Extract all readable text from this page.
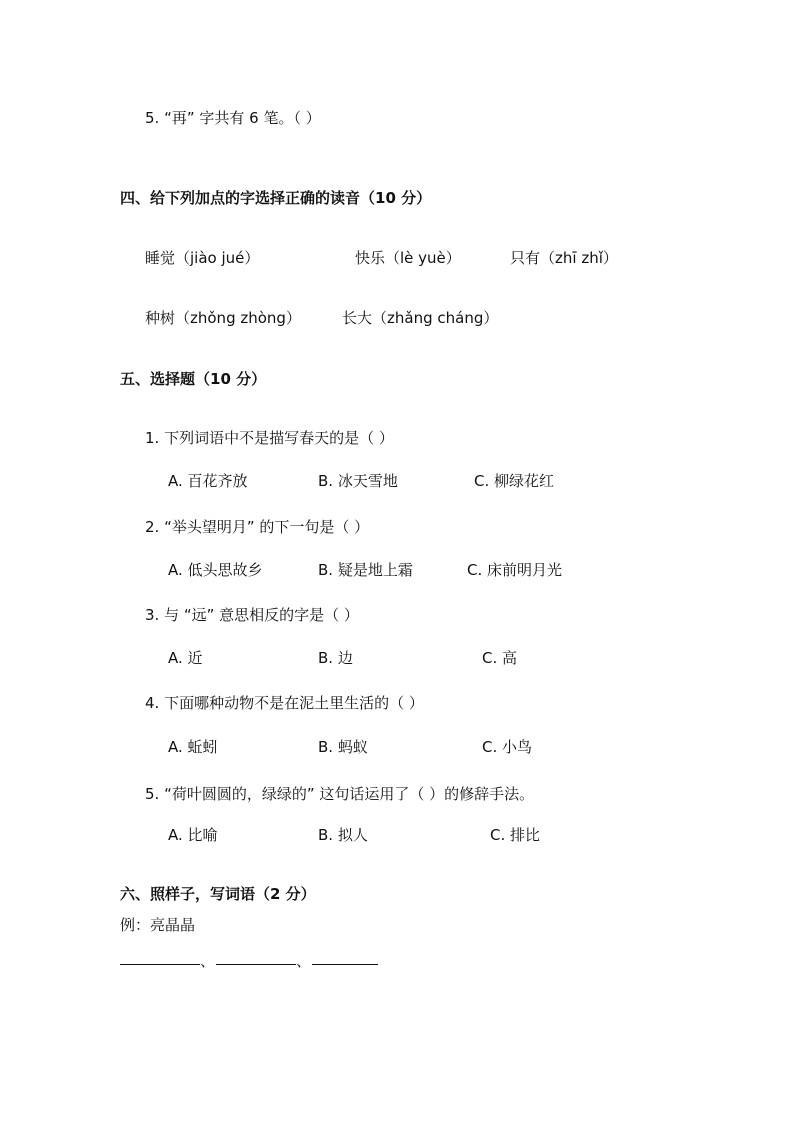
5. “再” 字共有 6 笔。（ ）
四、给下列加点的字选择正确的读音（10 分）
睡觉（jiào jué）	快乐（lè yuè）	只有（zhī zhǐ）
种树（zhǒng zhòng）	长大（zhǎng cháng）
五、选择题（10 分）
1. 下列词语中不是描写春天的是（ ）
A. 百花齐放	B. 冰天雪地	C. 柳绿花红
2. “举头望明月” 的下一句是（ ）
A. 低头思故乡	B. 疑是地上霜	C. 床前明月光
3. 与 “远” 意思相反的字是（ ）
A. 近	B. 边	C. 高
4. 下面哪种动物不是在泥土里生活的（ ）
A. 蚯蚓	B. 蚂蚁	C. 小鸟
5. “荷叶圆圆的，绿绿的” 这句话运用了（ ）的修辞手法。
A. 比喻	B. 拟人	C. 排比
六、照样子，写词语（2 分）
例：亮晶晶
、	、
